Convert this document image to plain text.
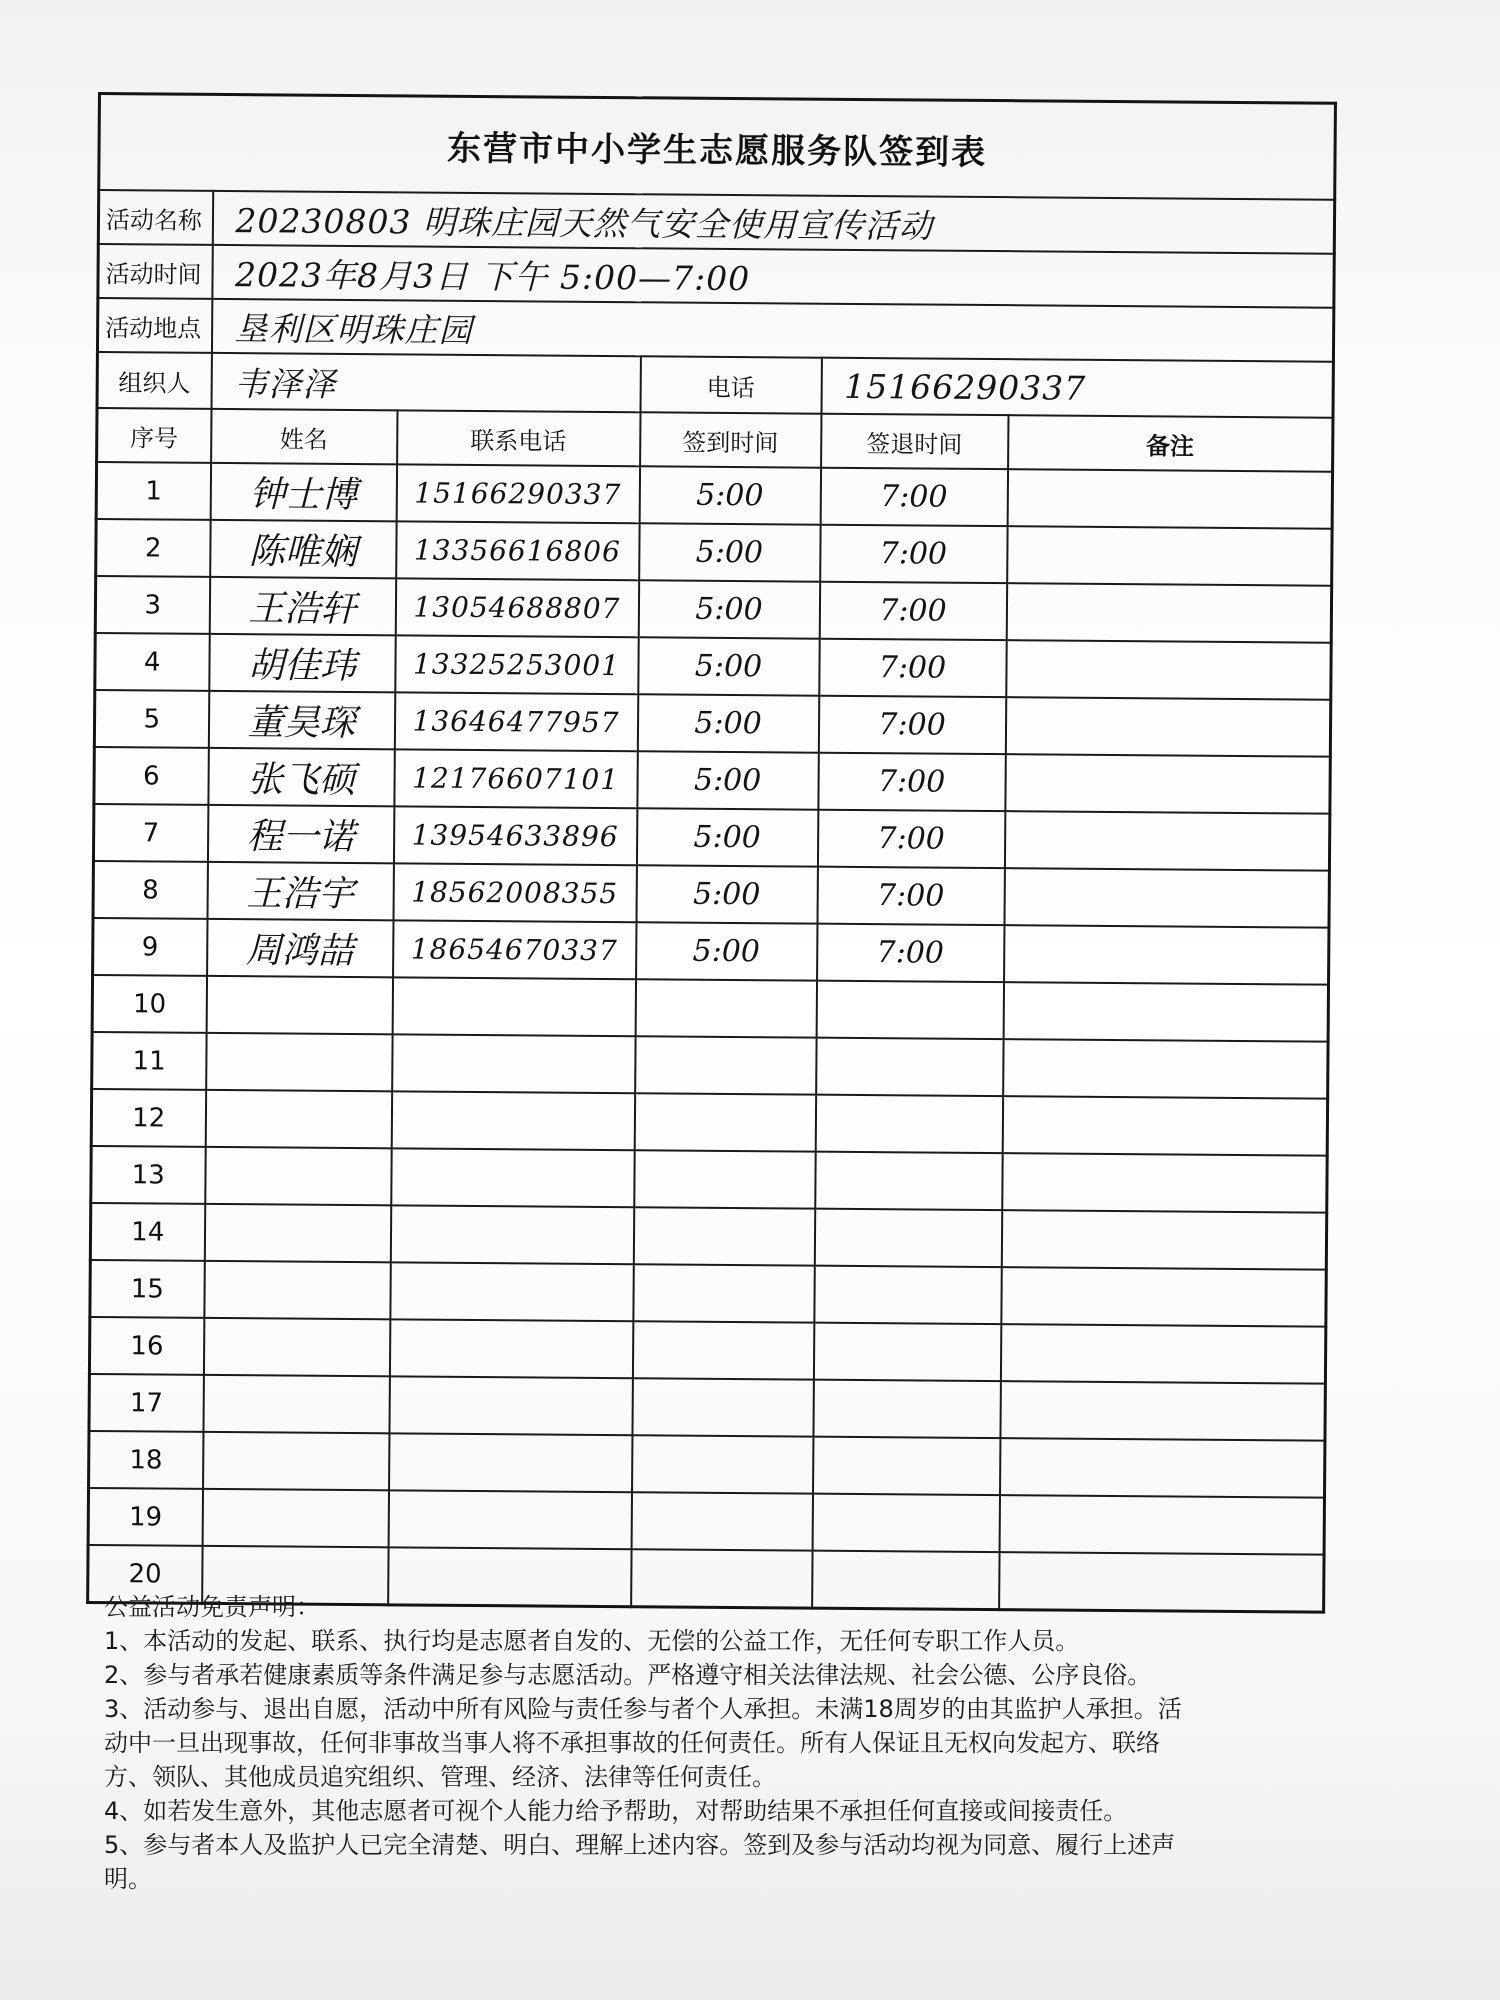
东营市中小学生志愿服务队签到表					
活动名称	20230803 明珠庄园天然气安全使用宣传活动				
活动时间	2023年8月3日 下午 5:00—7:00				
活动地点	垦利区明珠庄园				
组织人	韦泽泽		电话	15166290337	
序号	姓名	联系电话	签到时间	签退时间	备注
1	钟士博	15166290337	5:00	7:00	
2	陈唯娴	13356616806	5:00	7:00	
3	王浩轩	13054688807	5:00	7:00	
4	胡佳玮	13325253001	5:00	7:00	
5	董昊琛	13646477957	5:00	7:00	
6	张飞硕	12176607101	5:00	7:00	
7	程一诺	13954633896	5:00	7:00	
8	王浩宇	18562008355	5:00	7:00	
9	周鸿喆	18654670337	5:00	7:00	
10					
11					
12					
13					
14					
15					
16					
17					
18					
19					
20					

公益活动免责声明：

1、本活动的发起、联系、执行均是志愿者自发的、无偿的公益工作，无任何专职工作人员。

2、参与者承若健康素质等条件满足参与志愿活动。严格遵守相关法律法规、社会公德、公序良俗。

3、活动参与、退出自愿，活动中所有风险与责任参与者个人承担。未满18周岁的由其监护人承担。活

动中一旦出现事故，任何非事故当事人将不承担事故的任何责任。所有人保证且无权向发起方、联络

方、领队、其他成员追究组织、管理、经济、法律等任何责任。

4、如若发生意外，其他志愿者可视个人能力给予帮助，对帮助结果不承担任何直接或间接责任。

5、参与者本人及监护人已完全清楚、明白、理解上述内容。签到及参与活动均视为同意、履行上述声

明。
